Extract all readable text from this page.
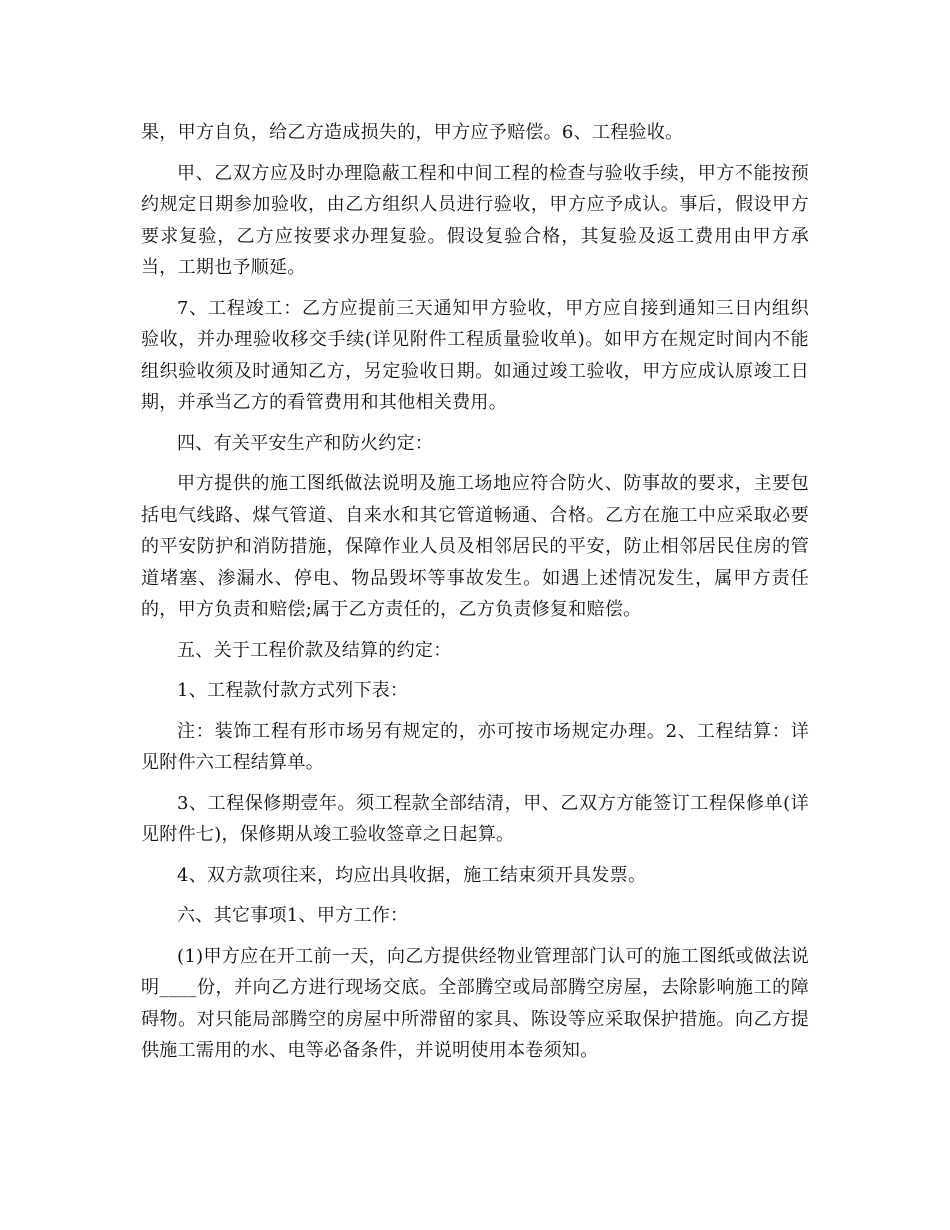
果，甲方自负，给乙方造成损失的，甲方应予赔偿。6、工程验收。

甲、乙双方应及时办理隐蔽工程和中间工程的检查与验收手续，甲方不能按预约规定日期参加验收，由乙方组织人员进行验收，甲方应予成认。事后，假设甲方要求复验，乙方应按要求办理复验。假设复验合格，其复验及返工费用由甲方承当，工期也予顺延。

7、工程竣工：乙方应提前三天通知甲方验收，甲方应自接到通知三日内组织验收，并办理验收移交手续(详见附件工程质量验收单)。如甲方在规定时间内不能组织验收须及时通知乙方，另定验收日期。如通过竣工验收，甲方应成认原竣工日期，并承当乙方的看管费用和其他相关费用。

四、有关平安生产和防火约定：

甲方提供的施工图纸做法说明及施工场地应符合防火、防事故的要求，主要包括电气线路、煤气管道、自来水和其它管道畅通、合格。乙方在施工中应采取必要的平安防护和消防措施，保障作业人员及相邻居民的平安，防止相邻居民住房的管道堵塞、渗漏水、停电、物品毁坏等事故发生。如遇上述情况发生，属甲方责任的，甲方负责和赔偿;属于乙方责任的，乙方负责修复和赔偿。

五、关于工程价款及结算的约定：

1、工程款付款方式列下表：

注：装饰工程有形市场另有规定的，亦可按市场规定办理。2、工程结算：详见附件六工程结算单。

3、工程保修期壹年。须工程款全部结清，甲、乙双方方能签订工程保修单(详见附件七)，保修期从竣工验收签章之日起算。

4、双方款项往来，均应出具收据，施工结束须开具发票。

六、其它事项1、甲方工作：

(1)甲方应在开工前一天，向乙方提供经物业管理部门认可的施工图纸或做法说明____份，并向乙方进行现场交底。全部腾空或局部腾空房屋，去除影响施工的障碍物。对只能局部腾空的房屋中所滞留的家具、陈设等应采取保护措施。向乙方提供施工需用的水、电等必备条件，并说明使用本卷须知。
